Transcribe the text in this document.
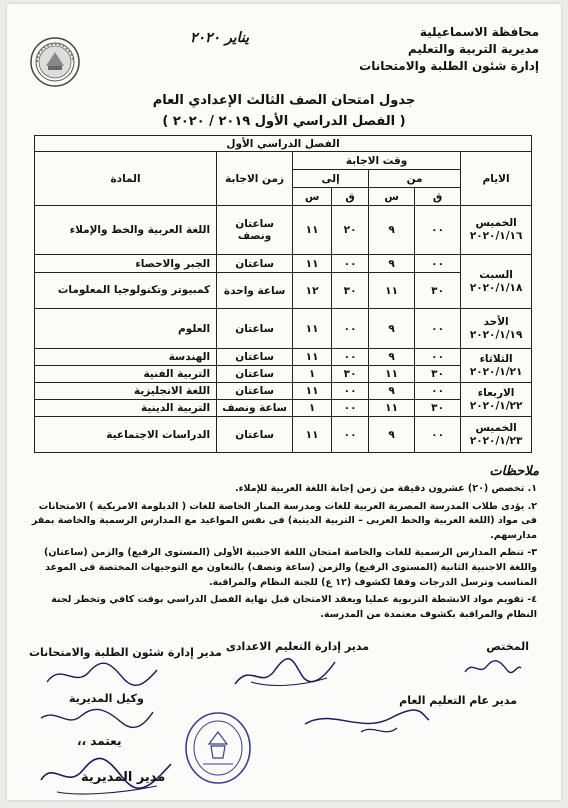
محافظة الاسماعيلية
مديرية التربية والتعليم
إدارة شئون الطلبة والامتحانات
يناير ٢٠٢٠
جدول امتحان الصف الثالث الإعدادي العام
( الفصل الدراسي الأول ٢٠١٩ / ٢٠٢٠ )
الفصل الدراسي الأول						
الايام	وقت الاجابة				زمن الاجابة	المادة
	من		إلى			
	ق	س	ق	س		

الخميس
٢٠٢٠/١/١٦	٠٠	٩	٢٠	١١	ساعتان ونصف	اللغة العربية والخط والإملاء

السبت
٢٠٢٠/١/١٨	٠٠	٩	٠٠	١١	ساعتان	الجبر والاحصاء
	٣٠	١١	٣٠	١٢	ساعة واحدة	كمبيوتر وتكنولوجيا المعلومات

الأحد
٢٠٢٠/١/١٩	٠٠	٩	٠٠	١١	ساعتان	العلوم

الثلاثاء
٢٠٢٠/١/٢١	٠٠	٩	٠٠	١١	ساعتان	الهندسة
	٣٠	١١	٣٠	١	ساعتان	التربية الفنية

الاربعاء
٢٠٢٠/١/٢٢	٠٠	٩	٠٠	١١	ساعتان	اللغة الانجليزية
	٣٠	١١	٠٠	١	ساعة ونصف	التربية الدينية

الخميس
٢٠٢٠/١/٢٣	٠٠	٩	٠٠	١١	ساعتان	الدراسات الاجتماعية
ملاحظات

١. تخصص (٢٠) عشرون دقيقة من زمن إجابة اللغة العربية للإملاء.

٢. يؤدى طلاب المدرسة المصرية العربية للغات ومدرسة المنار الخاصة للغات ( الدبلومة الامريكية ) الامتحانات فى مواد (اللغة العربية والخط العربى – التربية الدينية) فى نفس المواعيد مع المدارس الرسمية والخاصة بمقر مدارسهم.

٣- تنظم المدارس الرسمية للغات والخاصة امتحان اللغة الاجنبية الأولى (المستوى الرفيع) والزمن (ساعتان) واللغة الاجنبية الثانية (المستوى الرفيع) والزمن (ساعة ونصف) بالتعاون مع التوجيهات المختصة فى الموعد المناسب وترسل الدرجات وفقا لكشوف (١٢ ع) للجنة النظام والمراقبة.

٤- تقويم مواد الانشطة التربوية عمليا ويعقد الامتحان قبل نهاية الفصل الدراسي بوقت كافي وتخطر لجنة النظام والمراقبة بكشوف معتمدة من المدرسة.

المختص
مدير إدارة التعليم الاعدادى
مدير إدارة شئون الطلبة والامتحانات
مدير عام التعليم العام
وكيل المديرية
يعتمد ،،
مدير المديرية
